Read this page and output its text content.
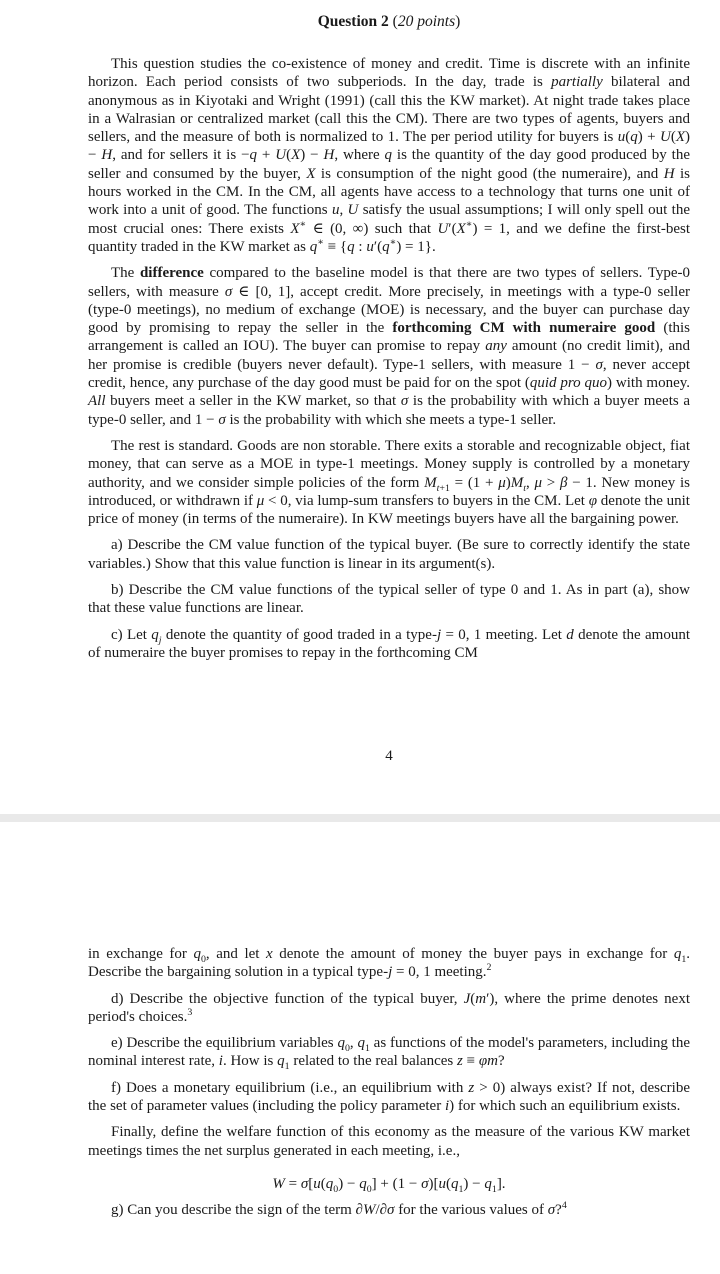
Question 2 (20 points)

This question studies the co-existence of money and credit. Time is discrete with an infinite horizon. Each period consists of two subperiods. In the day, trade is partially bilateral and anonymous as in Kiyotaki and Wright (1991) (call this the KW market). At night trade takes place in a Walrasian or centralized market (call this the CM). There are two types of agents, buyers and sellers, and the measure of both is normalized to 1. The per period utility for buyers is u(q) + U(X) − H, and for sellers it is −q + U(X) − H, where q is the quantity of the day good produced by the seller and consumed by the buyer, X is consumption of the night good (the numeraire), and H is hours worked in the CM. In the CM, all agents have access to a technology that turns one unit of work into a unit of good. The functions u, U satisfy the usual assumptions; I will only spell out the most crucial ones: There exists X∗ ∈ (0, ∞) such that U′(X∗) = 1, and we define the first-best quantity traded in the KW market as q∗ ≡ {q : u′(q∗) = 1}.

The difference compared to the baseline model is that there are two types of sellers. Type-0 sellers, with measure σ ∈ [0, 1], accept credit. More precisely, in meetings with a type-0 seller (type-0 meetings), no medium of exchange (MOE) is necessary, and the buyer can purchase day good by promising to repay the seller in the forthcoming CM with numeraire good (this arrangement is called an IOU). The buyer can promise to repay any amount (no credit limit), and her promise is credible (buyers never default). Type-1 sellers, with measure 1 − σ, never accept credit, hence, any purchase of the day good must be paid for on the spot (quid pro quo) with money. All buyers meet a seller in the KW market, so that σ is the probability with which a buyer meets a type-0 seller, and 1 − σ is the probability with which she meets a type-1 seller.

The rest is standard. Goods are non storable. There exits a storable and recognizable object, fiat money, that can serve as a MOE in type-1 meetings. Money supply is controlled by a monetary authority, and we consider simple policies of the form $M_{t+1} = (1 + \mu)M_t$, μ > β − 1. New money is introduced, or withdrawn if μ < 0, via lump-sum transfers to buyers in the CM. Let φ denote the unit price of money (in terms of the numeraire). In KW meetings buyers have all the bargaining power.

a) Describe the CM value function of the typical buyer. (Be sure to correctly identify the state variables.) Show that this value function is linear in its argument(s).

b) Describe the CM value functions of the typical seller of type 0 and 1. As in part (a), show that these value functions are linear.

c) Let $q_j$ denote the quantity of good traded in a type-j = 0, 1 meeting. Let d denote the amount of numeraire the buyer promises to repay in the forthcoming CM

4

in exchange for $q_0$, and let x denote the amount of money the buyer pays in exchange for $q_1$. Describe the bargaining solution in a typical type-j = 0, 1 meeting.$^2$

d) Describe the objective function of the typical buyer, J(m′), where the prime denotes next period's choices.$^3$

e) Describe the equilibrium variables $q_0$, $q_1$ as functions of the model's parameters, including the nominal interest rate, i. How is $q_1$ related to the real balances z ≡ φm?

f) Does a monetary equilibrium (i.e., an equilibrium with z > 0) always exist? If not, describe the set of parameter values (including the policy parameter i) for which such an equilibrium exists.

Finally, define the welfare function of this economy as the measure of the various KW market meetings times the net surplus generated in each meeting, i.e.,

$W = \sigma[u(q_0) - q_0] + (1 - \sigma)[u(q_1) - q_1]$.

g) Can you describe the sign of the term ∂W/∂σ for the various values of σ?$^4$
